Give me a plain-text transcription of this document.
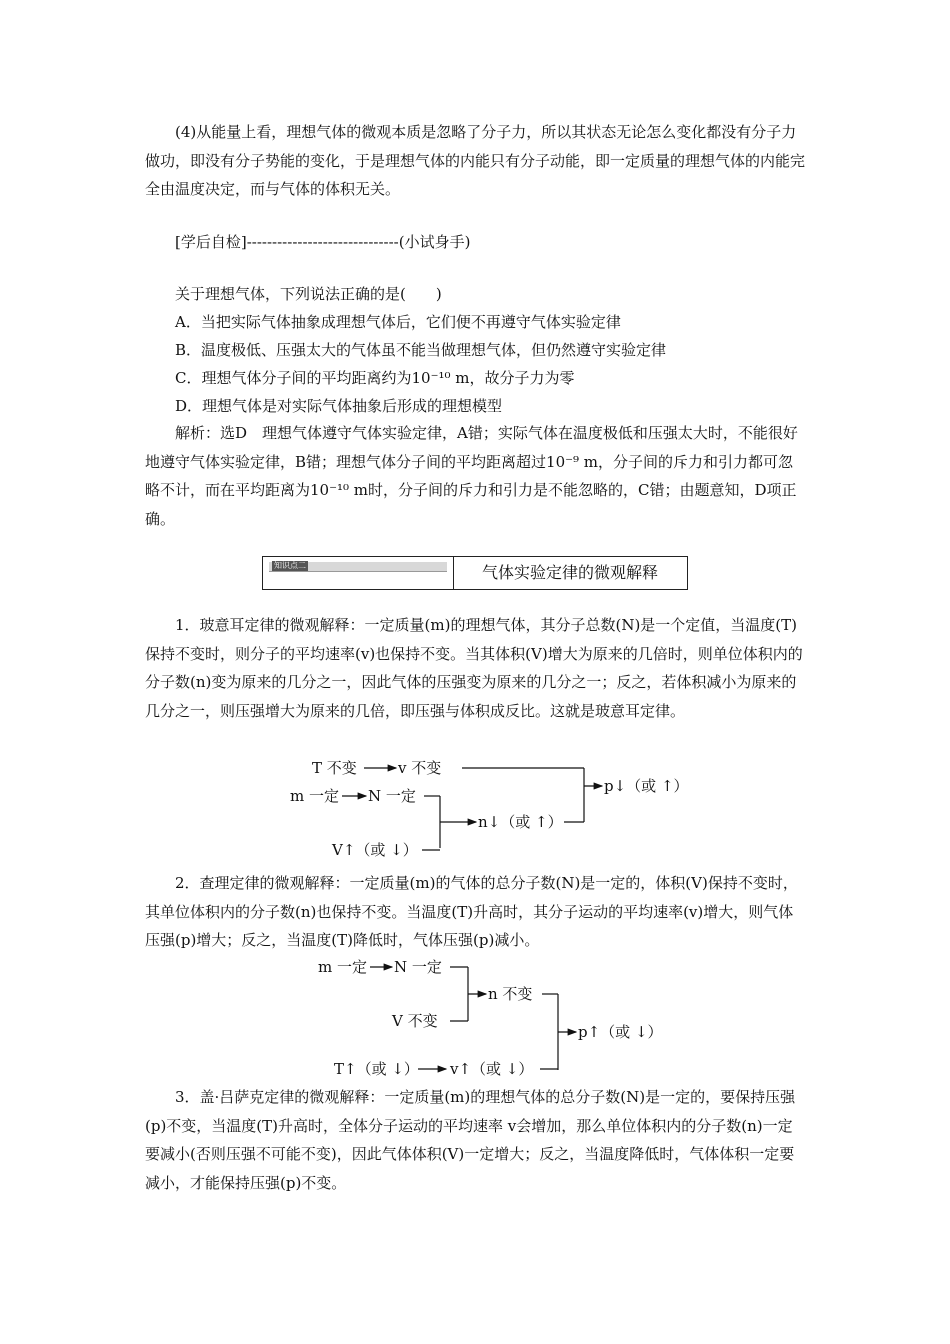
(4)从能量上看，理想气体的微观本质是忽略了分子力，所以其状态无论怎么变化都没有分子力做功，即没有分子势能的变化，于是理想气体的内能只有分子动能，即一定质量的理想气体的内能完全由温度决定，而与气体的体积无关。

[学后自检]------------------------------(小试身手)

关于理想气体，下列说法正确的是(　　)

A．当把实际气体抽象成理想气体后，它们便不再遵守气体实验定律

B．温度极低、压强太大的气体虽不能当做理想气体，但仍然遵守实验定律

C．理想气体分子间的平均距离约为10⁻¹⁰ m，故分子力为零

D．理想气体是对实际气体抽象后形成的理想模型

解析：选D　理想气体遵守气体实验定律，A错；实际气体在温度极低和压强太大时，不能很好地遵守气体实验定律，B错；理想气体分子间的平均距离超过10⁻⁹ m，分子间的斥力和引力都可忽略不计，而在平均距离为10⁻¹⁰ m时，分子间的斥力和引力是不能忽略的，C错；由题意知，D项正确。

知识点二	气体实验定律的微观解释

1．玻意耳定律的微观解释：一定质量(m)的理想气体，其分子总数(N)是一个定值，当温度(T)保持不变时，则分子的平均速率(v)也保持不变。当其体积(V)增大为原来的几倍时，则单位体积内的分子数(n)变为原来的几分之一，因此气体的压强变为原来的几分之一；反之，若体积减小为原来的几分之一，则压强增大为原来的几倍，即压强与体积成反比。这就是玻意耳定律。

T 不变	v 不变
m 一定 N 一定
n↓（或 ↑）
p↓（或 ↑）
V↑（或 ↓）

2．查理定律的微观解释：一定质量(m)的气体的总分子数(N)是一定的，体积(V)保持不变时，其单位体积内的分子数(n)也保持不变。当温度(T)升高时，其分子运动的平均速率(v)增大，则气体压强(p)增大；反之，当温度(T)降低时，气体压强(p)减小。

m 一定 N 一定
n 不变
p↑（或 ↓）
V 不变
T↑（或 ↓） v↑（或 ↓）

3．盖·吕萨克定律的微观解释：一定质量(m)的理想气体的总分子数(N)是一定的，要保持压强(p)不变，当温度(T)升高时，全体分子运动的平均速率 v会增加，那么单位体积内的分子数(n)一定要减小(否则压强不可能不变)，因此气体体积(V)一定增大；反之，当温度降低时，气体体积一定要减小，才能保持压强(p)不变。
